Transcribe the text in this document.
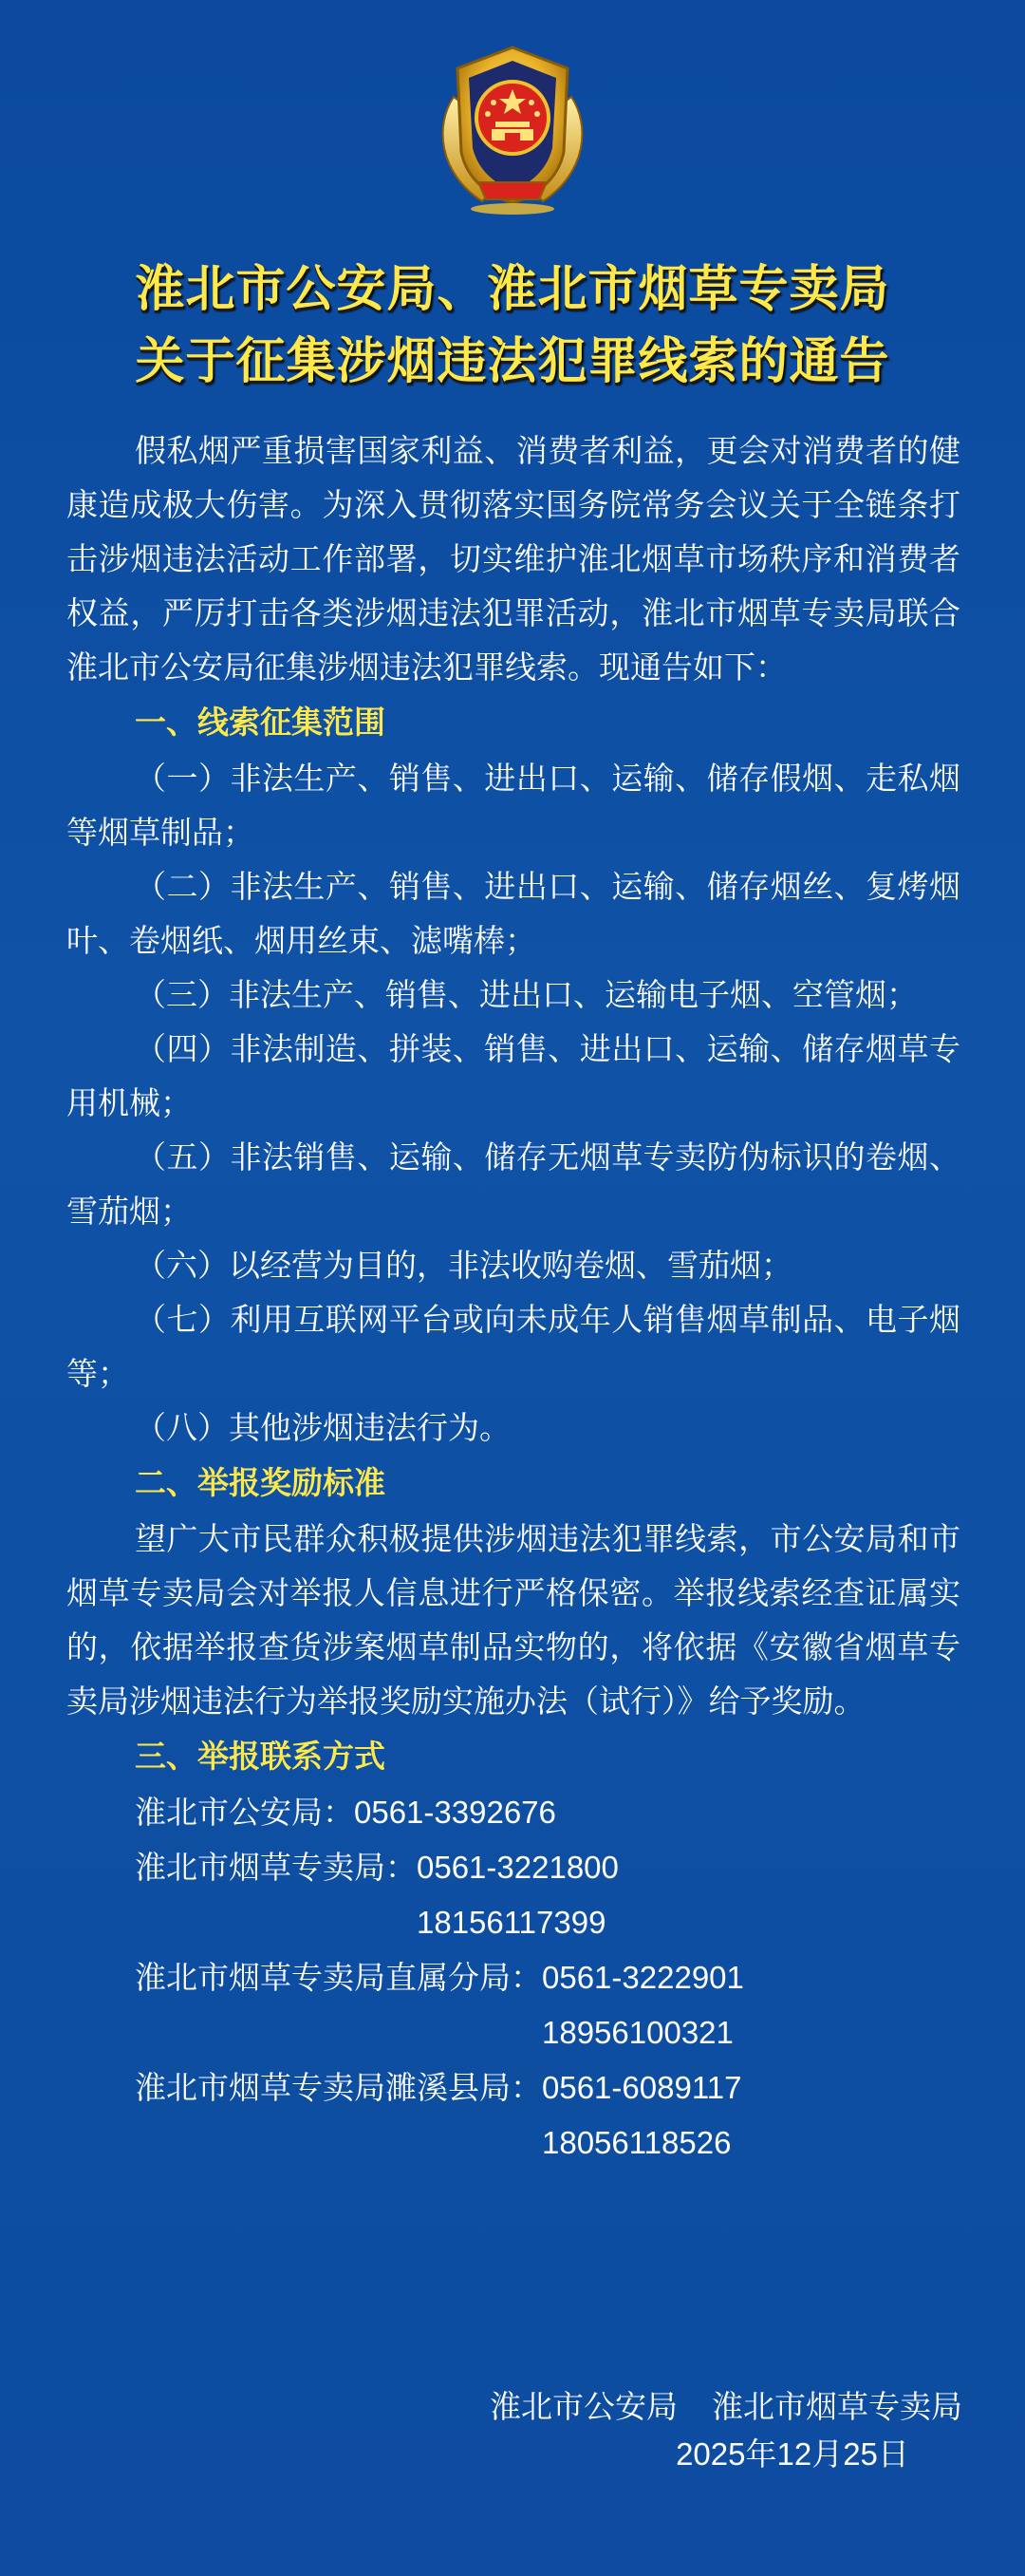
淮北市公安局、淮北市烟草专卖局
关于征集涉烟违法犯罪线索的通告

假私烟严重损害国家利益、消费者利益，更会对消费者的健康造成极大伤害。为深入贯彻落实国务院常务会议关于全链条打击涉烟违法活动工作部署，切实维护淮北烟草市场秩序和消费者权益，严厉打击各类涉烟违法犯罪活动，淮北市烟草专卖局联合淮北市公安局征集涉烟违法犯罪线索。现通告如下：

一、线索征集范围

（一）非法生产、销售、进出口、运输、储存假烟、走私烟等烟草制品；

（二）非法生产、销售、进出口、运输、储存烟丝、复烤烟叶、卷烟纸、烟用丝束、滤嘴棒；

（三）非法生产、销售、进出口、运输电子烟、空管烟；

（四）非法制造、拼装、销售、进出口、运输、储存烟草专用机械；

（五）非法销售、运输、储存无烟草专卖防伪标识的卷烟、雪茄烟；

（六）以经营为目的，非法收购卷烟、雪茄烟；

（七）利用互联网平台或向未成年人销售烟草制品、电子烟等；

（八）其他涉烟违法行为。

二、举报奖励标准

望广大市民群众积极提供涉烟违法犯罪线索，市公安局和市烟草专卖局会对举报人信息进行严格保密。举报线索经查证属实的，依据举报查货涉案烟草制品实物的，将依据《安徽省烟草专卖局涉烟违法行为举报奖励实施办法（试行）》给予奖励。

三、举报联系方式

淮北市公安局： 0561-3392676
淮北市烟草专卖局： 0561-3221800
18156117399
淮北市烟草专卖局直属分局： 0561-3222901
18956100321
淮北市烟草专卖局濉溪县局： 0561-6089117
18056118526
淮北市公安局 淮北市烟草专卖局
2025年12月25日
